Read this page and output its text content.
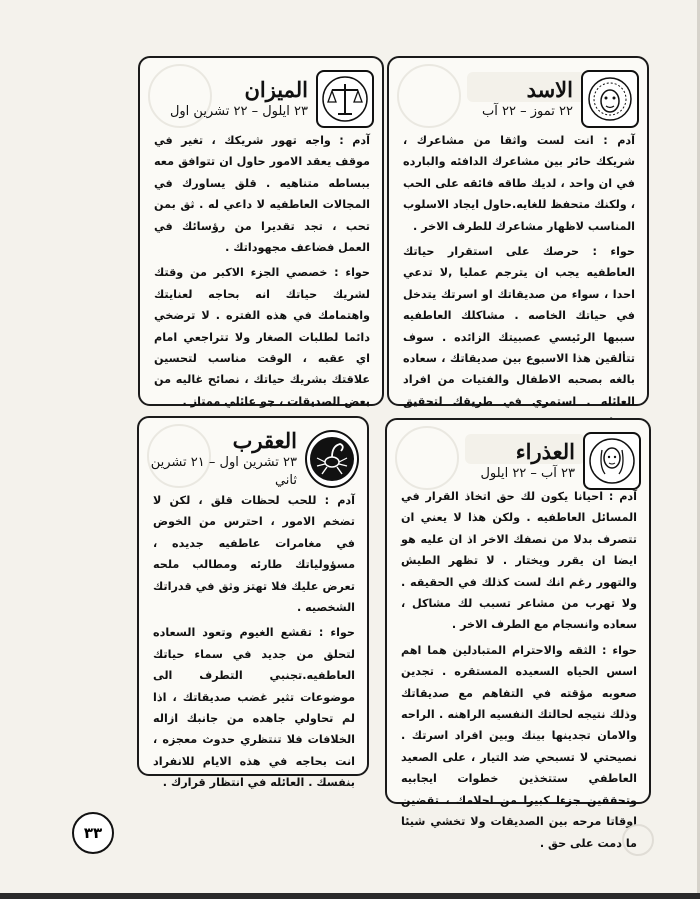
الاسد
٢٢ تموز – ٢٢ آب

آدم : انت لست واثقا من مشاعرك ، شريكك حائر بين مشاعرك الدافئه والبارده في ان واحد ، لديك طاقه فائقه على الحب ، ولكنك متحفظ للغايه.حاول ايجاد الاسلوب المناسب لاظهار مشاعرك للطرف الاخر .

حواء : حرصك على استقرار حياتك العاطفيه يجب ان يترجم عمليا ,لا تدعي احدا ، سواء من صديقاتك او اسرتك يتدخل في حياتك الخاصه . مشاكلك العاطفيه سببها الرئيسي عصبيتك الزائده . سوف تتألقين هذا الاسبوع بين صديقاتك ، سعاده بالغه بصحبه الاطفال والفتيات من افراد العائله . استمري في طريقك لتحقيق

الميزان
٢٣ ايلول – ٢٢ تشرين اول

آدم : واجه تهور شريكك ، تغير في موقف يعقد الامور حاول ان تتوافق معه ببساطه متناهيه . قلق يساورك في المجالات العاطفيه لا داعي له . ثق بمن تحب ، تجد تقديرا من رؤسائك في العمل فضاعف مجهوداتك .

حواء : خصصي الجزء الاكبر من وقتك لشريك حياتك انه بحاجه لعنايتك واهتمامك في هذه الفتره . لا ترضخي دائما لطلبات الصغار ولا تتراجعي امام اي عقبه ، الوقت مناسب لتحسين علاقتك بشريك حياتك ، نصائح غاليه من بعض الصديقات ، جو عائلي ممتاز .

العذراء
٢٣ آب – ٢٢ ايلول

آدم : احيانا يكون لك حق اتخاذ القرار في المسائل العاطفيه . ولكن هذا لا يعني ان تتصرف بدلا من نصفك الاخر اذ ان عليه هو ايضا ان يقرر ويختار . لا تظهر الطيش والتهور رغم انك لست كذلك في الحقيقه . ولا تهرب من مشاعر تسبب لك مشاكل ، سعاده وانسجام مع الطرف الاخر .

حواء : الثقه والاحترام المتبادلين هما اهم اسس الحياه السعيده المستقره . تجدين صعوبه مؤقته في التفاهم مع صديقاتك وذلك نتيجه لحالتك النفسيه الراهنه . الراحه والامان تجدينها بينك وبين افراد اسرتك . نصيحتي لا تسبحي ضد التيار ، على الصعيد العاطفي ستتخذين خطوات ايجابيه وتحققين جزءا كبيرا من احلامك ، تقضين اوقاتا مرحه بين الصديقات ولا تخشي شيئا ما دمت على حق .

العقرب
٢٣ تشرين اول – ٢١ تشرين ثاني

آدم : للحب لحظات قلق ، لكن لا تضخم الامور ، احترس من الخوض في مغامرات عاطفيه جديده ، مسؤولياتك طارئه ومطالب ملحه تعرض عليك فلا تهتز وثق في قدراتك الشخصيه .

حواء : تقشع الغيوم وتعود السعاده لتحلق من جديد في سماء حياتك العاطفيه.تجنبي التطرف الى موضوعات تثير غضب صديقاتك ، اذا لم تحاولي جاهده من جانبك ازاله الخلافات فلا تنتظري حدوث معجزه ، انت بحاجه في هذه الايام للانفراد بنفسك . العائله في انتظار قرارك .

٣٣
